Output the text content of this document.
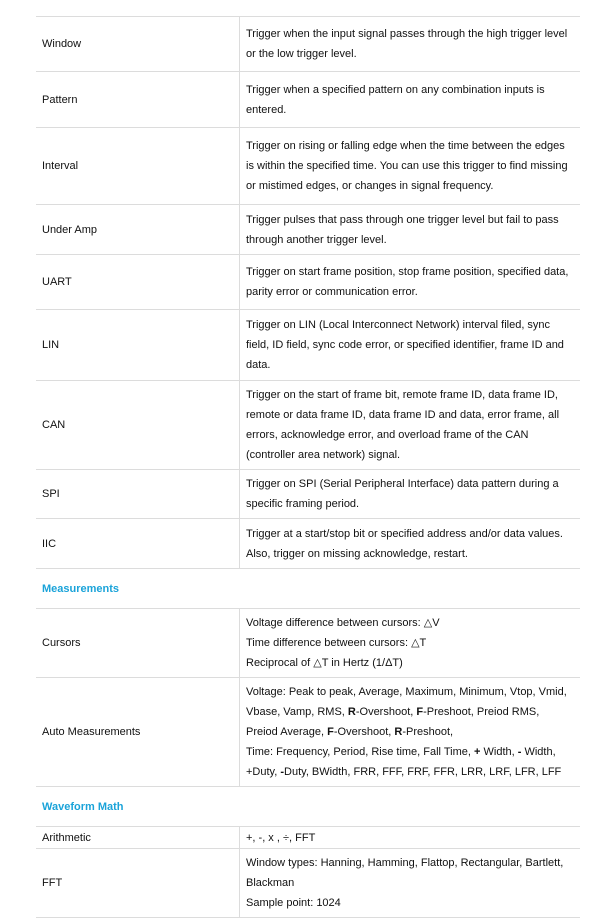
Window	Trigger when the input signal passes through the high trigger level or the low trigger level.
Pattern	Trigger when a specified pattern on any combination inputs is entered.
Interval	Trigger on rising or falling edge when the time between the edges is within the specified time. You can use this trigger to find missing or mistimed edges, or changes in signal frequency.
Under Amp	Trigger pulses that pass through one trigger level but fail to pass through another trigger level.
UART	Trigger on start frame position, stop frame position, specified data, parity error or communication error.
LIN	Trigger on LIN (Local Interconnect Network) interval filed, sync field, ID field, sync code error, or specified identifier, frame ID and data.
CAN	Trigger on the start of frame bit, remote frame ID, data frame ID, remote or data frame ID, data frame ID and data, error frame, all errors, acknowledge error, and overload frame of the CAN (controller area network) signal.
SPI	Trigger on SPI (Serial Peripheral Interface) data pattern during a specific framing period.
IIC	Trigger at a start/stop bit or specified address and/or data values. Also, trigger on missing acknowledge, restart.
Measurements	
Cursors	Voltage difference between cursors: △V
Time difference between cursors: △T
Reciprocal of △T in Hertz (1/ΔT)

Auto Measurements	Voltage: Peak to peak, Average, Maximum, Minimum, Vtop, Vmid, Vbase, Vamp, RMS, R-Overshoot, F-Preshoot, Preiod RMS, Preiod Average, F-Overshoot, R-Preshoot,
Time: Frequency, Period, Rise time, Fall Time, + Width, - Width, +Duty, -Duty, BWidth, FRR, FFF, FRF, FFR, LRR, LRF, LFR, LFF

Waveform Math	
Arithmetic	+, -, x , ÷, FFT
FFT	Window types: Hanning, Hamming, Flattop, Rectangular, Bartlett, Blackman
Sample point: 1024
